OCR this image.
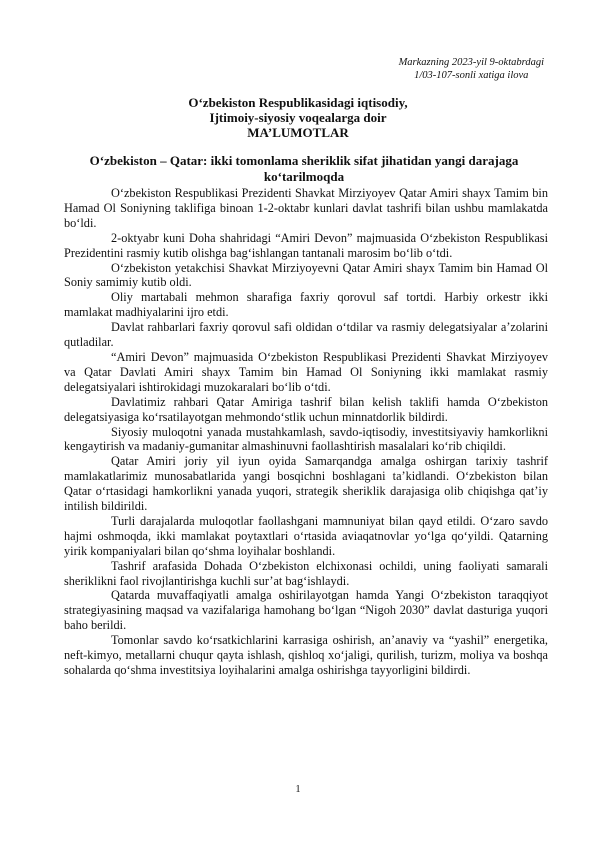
Markazning 2023-yil 9-oktabrdagi
1/03-107-sonli xatiga ilova
O‘zbekiston Respublikasidagi iqtisodiy,
Ijtimoiy-siyosiy voqealarga doir
MA’LUMOTLAR
O‘zbekiston – Qatar: ikki tomonlama sheriklik sifat jihatidan yangi darajaga ko‘tarilmoqda

O‘zbekiston Respublikasi Prezidenti Shavkat Mirziyoyev Qatar Amiri shayx Tamim bin Hamad Ol Soniyning taklifiga binoan 1-2-oktabr kunlari davlat tashrifi bilan ushbu mamlakatda bo‘ldi.

2-oktyabr kuni Doha shahridagi “Amiri Devon” majmuasida O‘zbekiston Respublikasi Prezidentini rasmiy kutib olishga bag‘ishlangan tantanali marosim bo‘lib o‘tdi.

O‘zbekiston yetakchisi Shavkat Mirziyoyevni Qatar Amiri shayx Tamim bin Hamad Ol Soniy samimiy kutib oldi.

Oliy martabali mehmon sharafiga faxriy qorovul saf tortdi. Harbiy orkestr ikki mamlakat madhiyalarini ijro etdi.

Davlat rahbarlari faxriy qorovul safi oldidan o‘tdilar va rasmiy delegatsiyalar a’zolarini qutladilar.

“Amiri Devon” majmuasida O‘zbekiston Respublikasi Prezidenti Shavkat Mirziyoyev va Qatar Davlati Amiri shayx Tamim bin Hamad Ol Soniyning ikki mamlakat rasmiy delegatsiyalari ishtirokidagi muzokaralari bo‘lib o‘tdi.

Davlatimiz rahbari Qatar Amiriga tashrif bilan kelish taklifi hamda O‘zbekiston delegatsiyasiga ko‘rsatilayotgan mehmondo‘stlik uchun minnatdorlik bildirdi.

Siyosiy muloqotni yanada mustahkamlash, savdo-iqtisodiy, investitsiyaviy hamkorlikni kengaytirish va madaniy-gumanitar almashinuvni faollashtirish masalalari ko‘rib chiqildi.

Qatar Amiri joriy yil iyun oyida Samarqandga amalga oshirgan tarixiy tashrif mamlakatlarimiz munosabatlarida yangi bosqichni boshlagani ta’kidlandi. O‘zbekiston bilan Qatar o‘rtasidagi hamkorlikni yanada yuqori, strategik sheriklik darajasiga olib chiqishga qat’iy intilish bildirildi.

Turli darajalarda muloqotlar faollashgani mamnuniyat bilan qayd etildi. O‘zaro savdo hajmi oshmoqda, ikki mamlakat poytaxtlari o‘rtasida aviaqatnovlar yo‘lga qo‘yildi. Qatarning yirik kompaniyalari bilan qo‘shma loyihalar boshlandi.

Tashrif arafasida Dohada O‘zbekiston elchixonasi ochildi, uning faoliyati samarali sheriklikni faol rivojlantirishga kuchli sur’at bag‘ishlaydi.

Qatarda muvaffaqiyatli amalga oshirilayotgan hamda Yangi O‘zbekiston taraqqiyot strategiyasining maqsad va vazifalariga hamohang bo‘lgan “Nigoh 2030” davlat dasturiga yuqori baho berildi.

Tomonlar savdo ko‘rsatkichlarini karrasiga oshirish, an’anaviy va “yashil” energetika, neft-kimyo, metallarni chuqur qayta ishlash, qishloq xo‘jaligi, qurilish, turizm, moliya va boshqa sohalarda qo‘shma investitsiya loyihalarini amalga oshirishga tayyorligini bildirdi.

1
